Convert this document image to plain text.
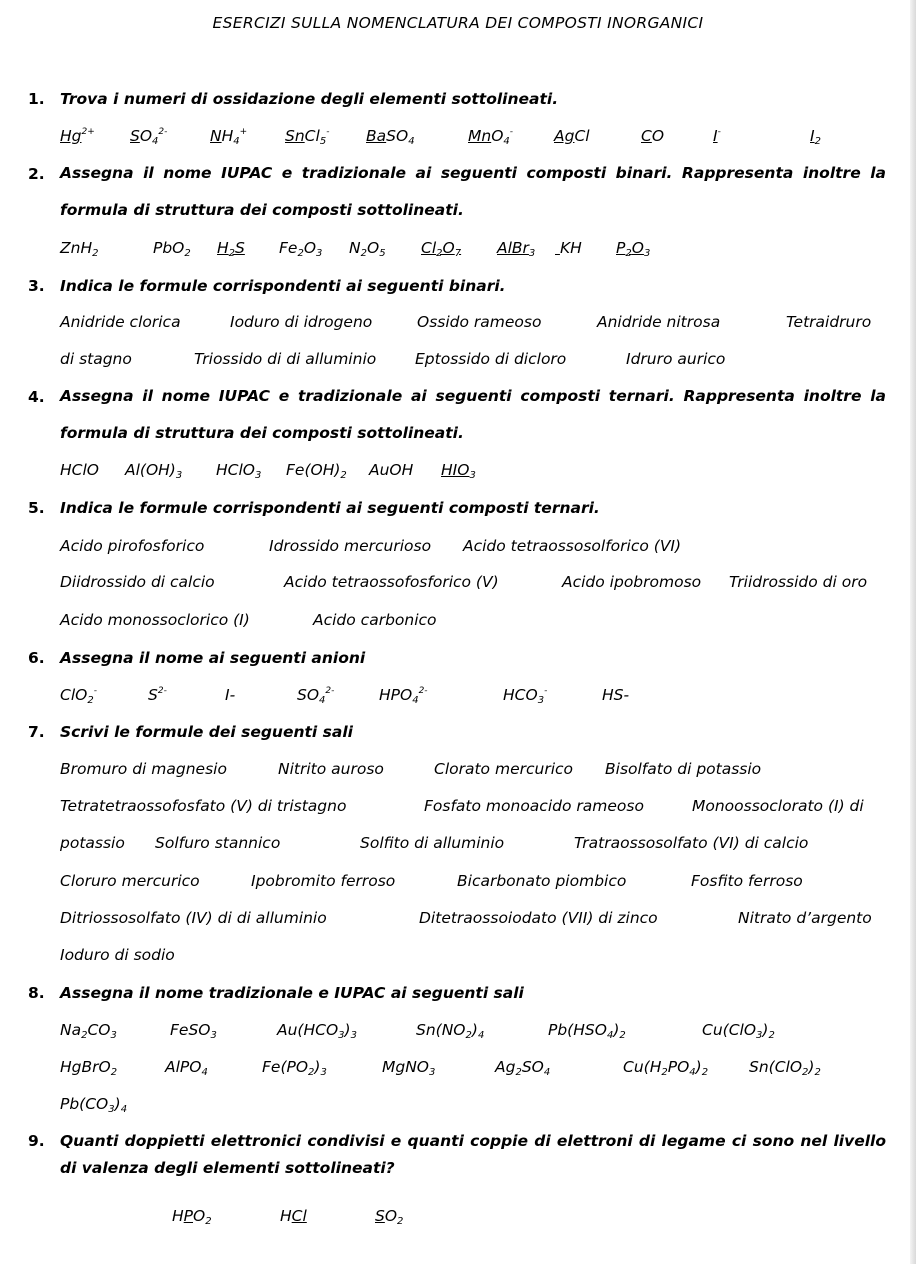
ESERCIZI SULLA NOMENCLATURA DEI COMPOSTI INORGANICI
1. Trova i numeri di ossidazione degli elementi sottolineati.
$Hg^{2+}$ $SO_4^{2-}$	$NH_4^+$ SnCl$_5$- BaSO$_4$	MnO$_4$-	AgCl	CO	I-	$I_2$
2. Assegna il nome IUPAC e tradizionale ai seguenti composti binari. Rappresenta inoltre la formula di struttura dei composti sottolineati.
ZnH$_2$	PbO$_2$ $H_2S$ $Fe_2O_3$ $N_2O_5$ $Cl_2O_7$ AlBr$_3$	KH $P_2O_3$
3. Indica le formule corrispondenti ai seguenti binari.
Anidride clorica	Ioduro di idrogeno	Ossido rameoso	Anidride nitrosa	Tetraidruro
di stagno	Triossido di di alluminio	Eptossido di dicloro	Idruro aurico
4. Assegna il nome IUPAC e tradizionale ai seguenti composti ternari. Rappresenta inoltre la formula di struttura dei composti sottolineati.
HClO $Al(OH)_3$ HClO$_3$ $Fe(OH)_2$ AuOH $HIO_3$
5. Indica le formule corrispondenti ai seguenti composti ternari.
Acido pirofosforico	Idrossido mercurioso Acido tetraossosolforico (VI)
Diidrossido di calcio	Acido tetraossofosforico (V)	Acido ipobromoso Triidrossido di oro
Acido monossoclorico (I)	Acido carbonico
6. Assegna il nome ai seguenti anioni
ClO$_2$-	$S^{2-}$	I-	$SO_4^{2-}$	$HPO_4^{2-}$	$HCO_3^-$	HS-
7. Scrivi le formule dei seguenti sali
Bromuro di magnesio	Nitrito auroso	Clorato mercurico Bisolfato di potassio
Tetratetraossofosfato (V) di tristagno	Fosfato monoacido rameoso	Monoossoclorato (I) di
potassio Solfuro stannico	Solfito di alluminio	Tratraossosolfato (VI) di calcio
Cloruro mercurico	Ipobromito ferroso	Bicarbonato piombico	Fosfito ferroso
Ditriossosolfato (IV) di di alluminio	Ditetraossoiodato (VII) di zinco	Nitrato d’argento
Ioduro di sodio
8. Assegna il nome tradizionale e IUPAC ai seguenti sali
$Na_2CO_3$	FeSO$_3$	$Au(HCO_3)_3$	$Sn(NO_2)_4$	$Pb(HSO_4)_2$	$Cu(ClO_3)_2$
HgBrO$_2$	AlPO$_4$	$Fe(PO_2)_3$	MgNO$_3$	$Ag_2SO_4$	$Cu(H_2PO_4)_2$	$Sn(ClO_2)_2$
$Pb(CO_3)_4$
9. Quanti doppietti elettronici condivisi e quanti coppie di elettroni di legame ci sono nel livello di valenza degli elementi sottolineati?
$HPO_2$	HCl	$SO_2$
